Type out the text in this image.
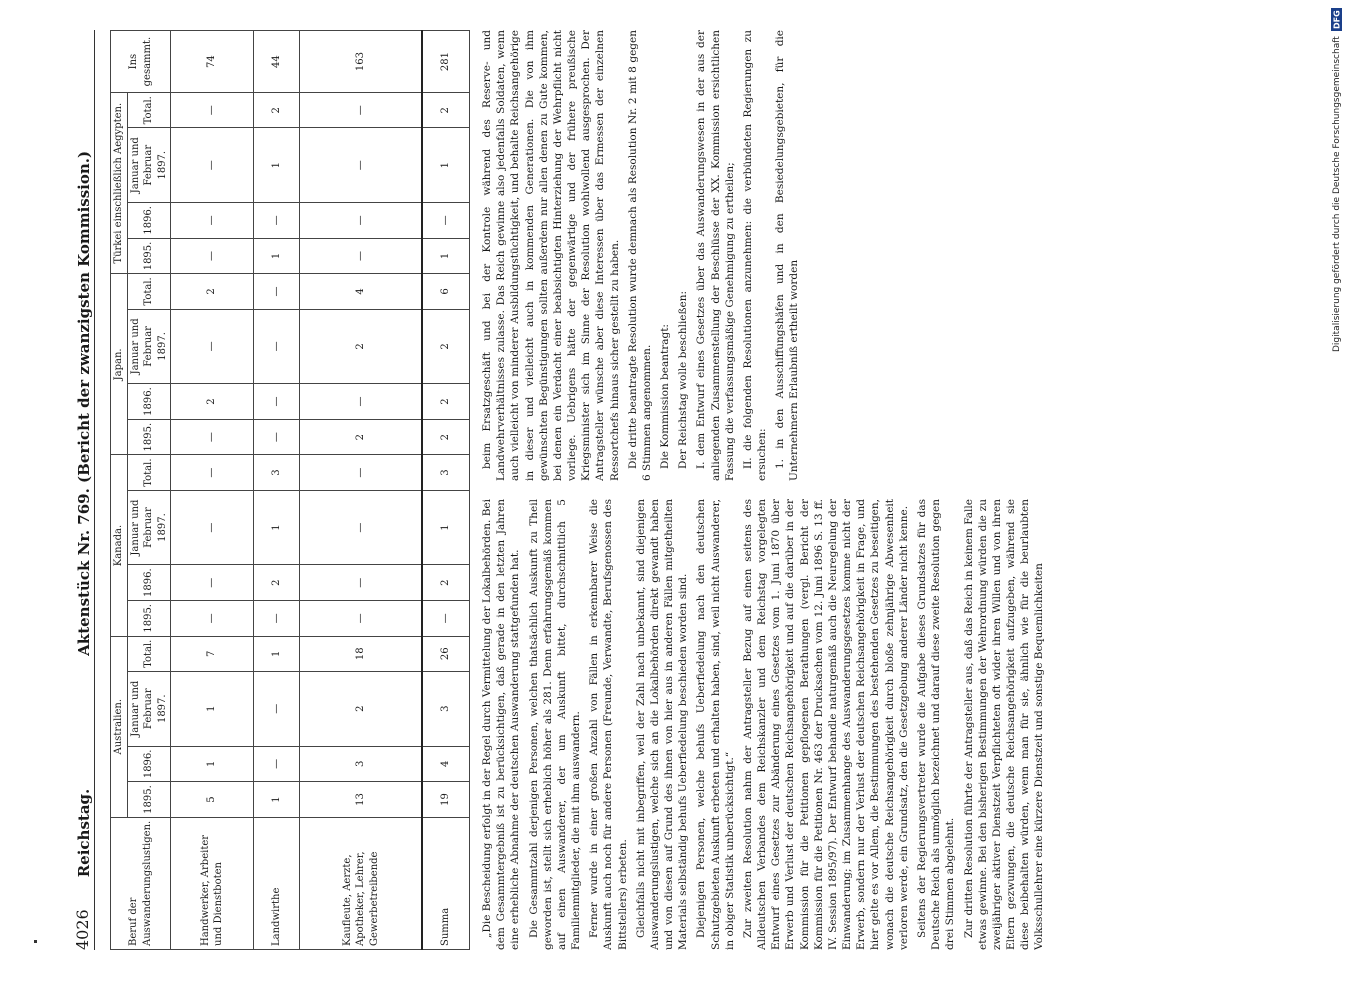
4026
Reichstag.
Aktenstück Nr. 769. (Bericht der zwanzigsten Kommission.)
Beruf der Auswanderungslustigen.	Australien.				Kanada.				Japan.				Türkei einschließlich Aegypten.				Ins gesammt.
	1895.	1896.	Januar und Februar 1897.	Total.	1895.	1896.	Januar und Februar 1897.	Total.	1895.	1896.	Januar und Februar 1897.	Total.	1895.	1896.	Januar und Februar 1897.	Total.	
Handwerker, Arbeiter und Dienstboten	5	1	1	7	—	—	—	—	—	2	—	2	—	—	—	—	74
Landwirthe	1	—	—	1	—	2	1	3	—	—	—	—	1	—	1	2	44
Kaufleute, Aerzte, Apotheker, Lehrer, Gewerbetreibende	13	3	2	18	—	—	—	—	2	—	2	4	—	—	—	—	163
Summa	19	4	3	26	—	2	1	3	2	2	2	6	1	—	1	2	281

„Die Bescheidung erfolgt in der Regel durch Vermittelung der Lokalbehörden. Bei dem Gesammtergebniß ist zu berücksichtigen, daß gerade in den letzten Jahren eine erhebliche Abnahme der deutschen Auswanderung stattgefunden hat. Die Gesammtzahl derjenigen Personen, welchen thatsächlich Auskunft zu Theil geworden ist, stellt sich erheblich höher als 281. Denn erfahrungsgemäß kommen auf einen Auswanderer, der um Auskunft bittet, durchschnittlich 5 Familienmitglieder, die mit ihm auswandern. Ferner wurde in einer großen Anzahl von Fällen in erkennbarer Weise die Auskunft auch noch für andere Personen (Freunde, Verwandte, Berufsgenossen des Bittstellers) erbeten. Gleichfalls nicht mit inbegriffen, weil der Zahl nach unbekannt, sind diejenigen Auswanderungslustigen, welche sich an die Lokalbehörden direkt gewandt haben und von diesen auf Grund des ihnen von hier aus in anderen Fällen mitgetheilten Materials selbständig behufs Ueberfiedelung beschieden worden sind. Diejenigen Personen, welche behufs Ueberfiedelung nach den deutschen Schutzgebieten Auskunft erbeten und erhalten haben, sind, weil nicht Auswanderer, in obiger Statistik unberücksichtigt.“ Zur zweiten Resolution nahm der Antragsteller Bezug auf einen seitens des Alldeutschen Verbandes dem Reichskanzler und dem Reichstag vorgelegten Entwurf eines Gesetzes zur Abänderung eines Gesetzes vom 1. Juni 1870 über Erwerb und Verlust der deutschen Reichsangehörigkeit und auf die darüber in der Kommission für die Petitionen gepflogenen Berathungen (vergl. Bericht der Kommission für die Petitionen Nr. 463 der Drucksachen vom 12. Juni 1896 S. 13 ff. IV. Session 1895/97). Der Entwurf behandle naturgemäß auch die Neuregelung der Einwanderung; im Zusammenhange des Auswanderungsgesetzes komme nicht der Erwerb, sondern nur der Verlust der deutschen Reichsangehörigkeit in Frage, und hier gelte es vor Allem, die Bestimmungen des bestehenden Gesetzes zu beseitigen, wonach die deutsche Reichsangehörigkeit durch bloße zehnjährige Abwesenheit verloren werde, ein Grundsatz, den die Gesetzgebung anderer Länder nicht kenne. Seitens der Regierungsvertreter wurde die Aufgabe dieses Grundsatzes für das Deutsche Reich als unmöglich bezeichnet und darauf diese zweite Resolution gegen drei Stimmen abgelehnt. Zur dritten Resolution führte der Antragsteller aus, daß das Reich in keinem Falle etwas gewinne. Bei den bisherigen Bestimmungen der Wehrordnung würden die zu zweijähriger aktiver Dienstzeit Verpflichteten oft wider ihren Willen und von ihren Eltern gezwungen, die deutsche Reichsangehörigkeit aufzugeben, während sie diese beibehalten würden, wenn man für sie, ähnlich wie für die beurlaubten Volksschullehrer eine kürzere Dienstzeit und sonstige Bequemlichkeiten

beim Ersatzgeschäft und bei der Kontrole während des Reserve- und Landwehrverhältnisses zulasse. Das Reich gewinne also jedenfalls Soldaten, wenn auch vielleicht von minderer Ausbildungstüchtigkeit, und behalte Reichsangehörige in dieser und vielleicht auch in kommenden Generationen. Die von ihm gewünschten Begünstigungen sollten außerdem nur allen denen zu Gute kommen, bei denen ein Verdacht einer beabsichtigten Hinterziehung der Wehrpflicht nicht vorliege. Uebrigens hätte der gegenwärtige und der frühere preußische Kriegsminister sich im Sinne der Resolution wohlwollend ausgesprochen. Der Antragsteller wünsche aber diese Interessen über das Ermessen der einzelnen Ressortchefs hinaus sicher gestellt zu haben. Die dritte beantragte Resolution wurde demnach als Resolution Nr. 2 mit 8 gegen 6 Stimmen angenommen. Die Kommission beantragt: Der Reichstag wolle beschließen: I. dem Entwurf eines Gesetzes über das Auswanderungswesen in der aus der anliegenden Zusammenstellung der Beschlüsse der XX. Kommission ersichtlichen Fassung die verfassungsmäßige Genehmigung zu ertheilen; II. die folgenden Resolutionen anzunehmen: die verbündeten Regierungen zu ersuchen: 1. in den Ausschiffungshäfen und in den Besiedelungsgebieten, für die Unternehmern Erlaubniß ertheilt worden

Digitalisierung gefördert durch die Deutsche Forschungsgemeinschaft
DFG
